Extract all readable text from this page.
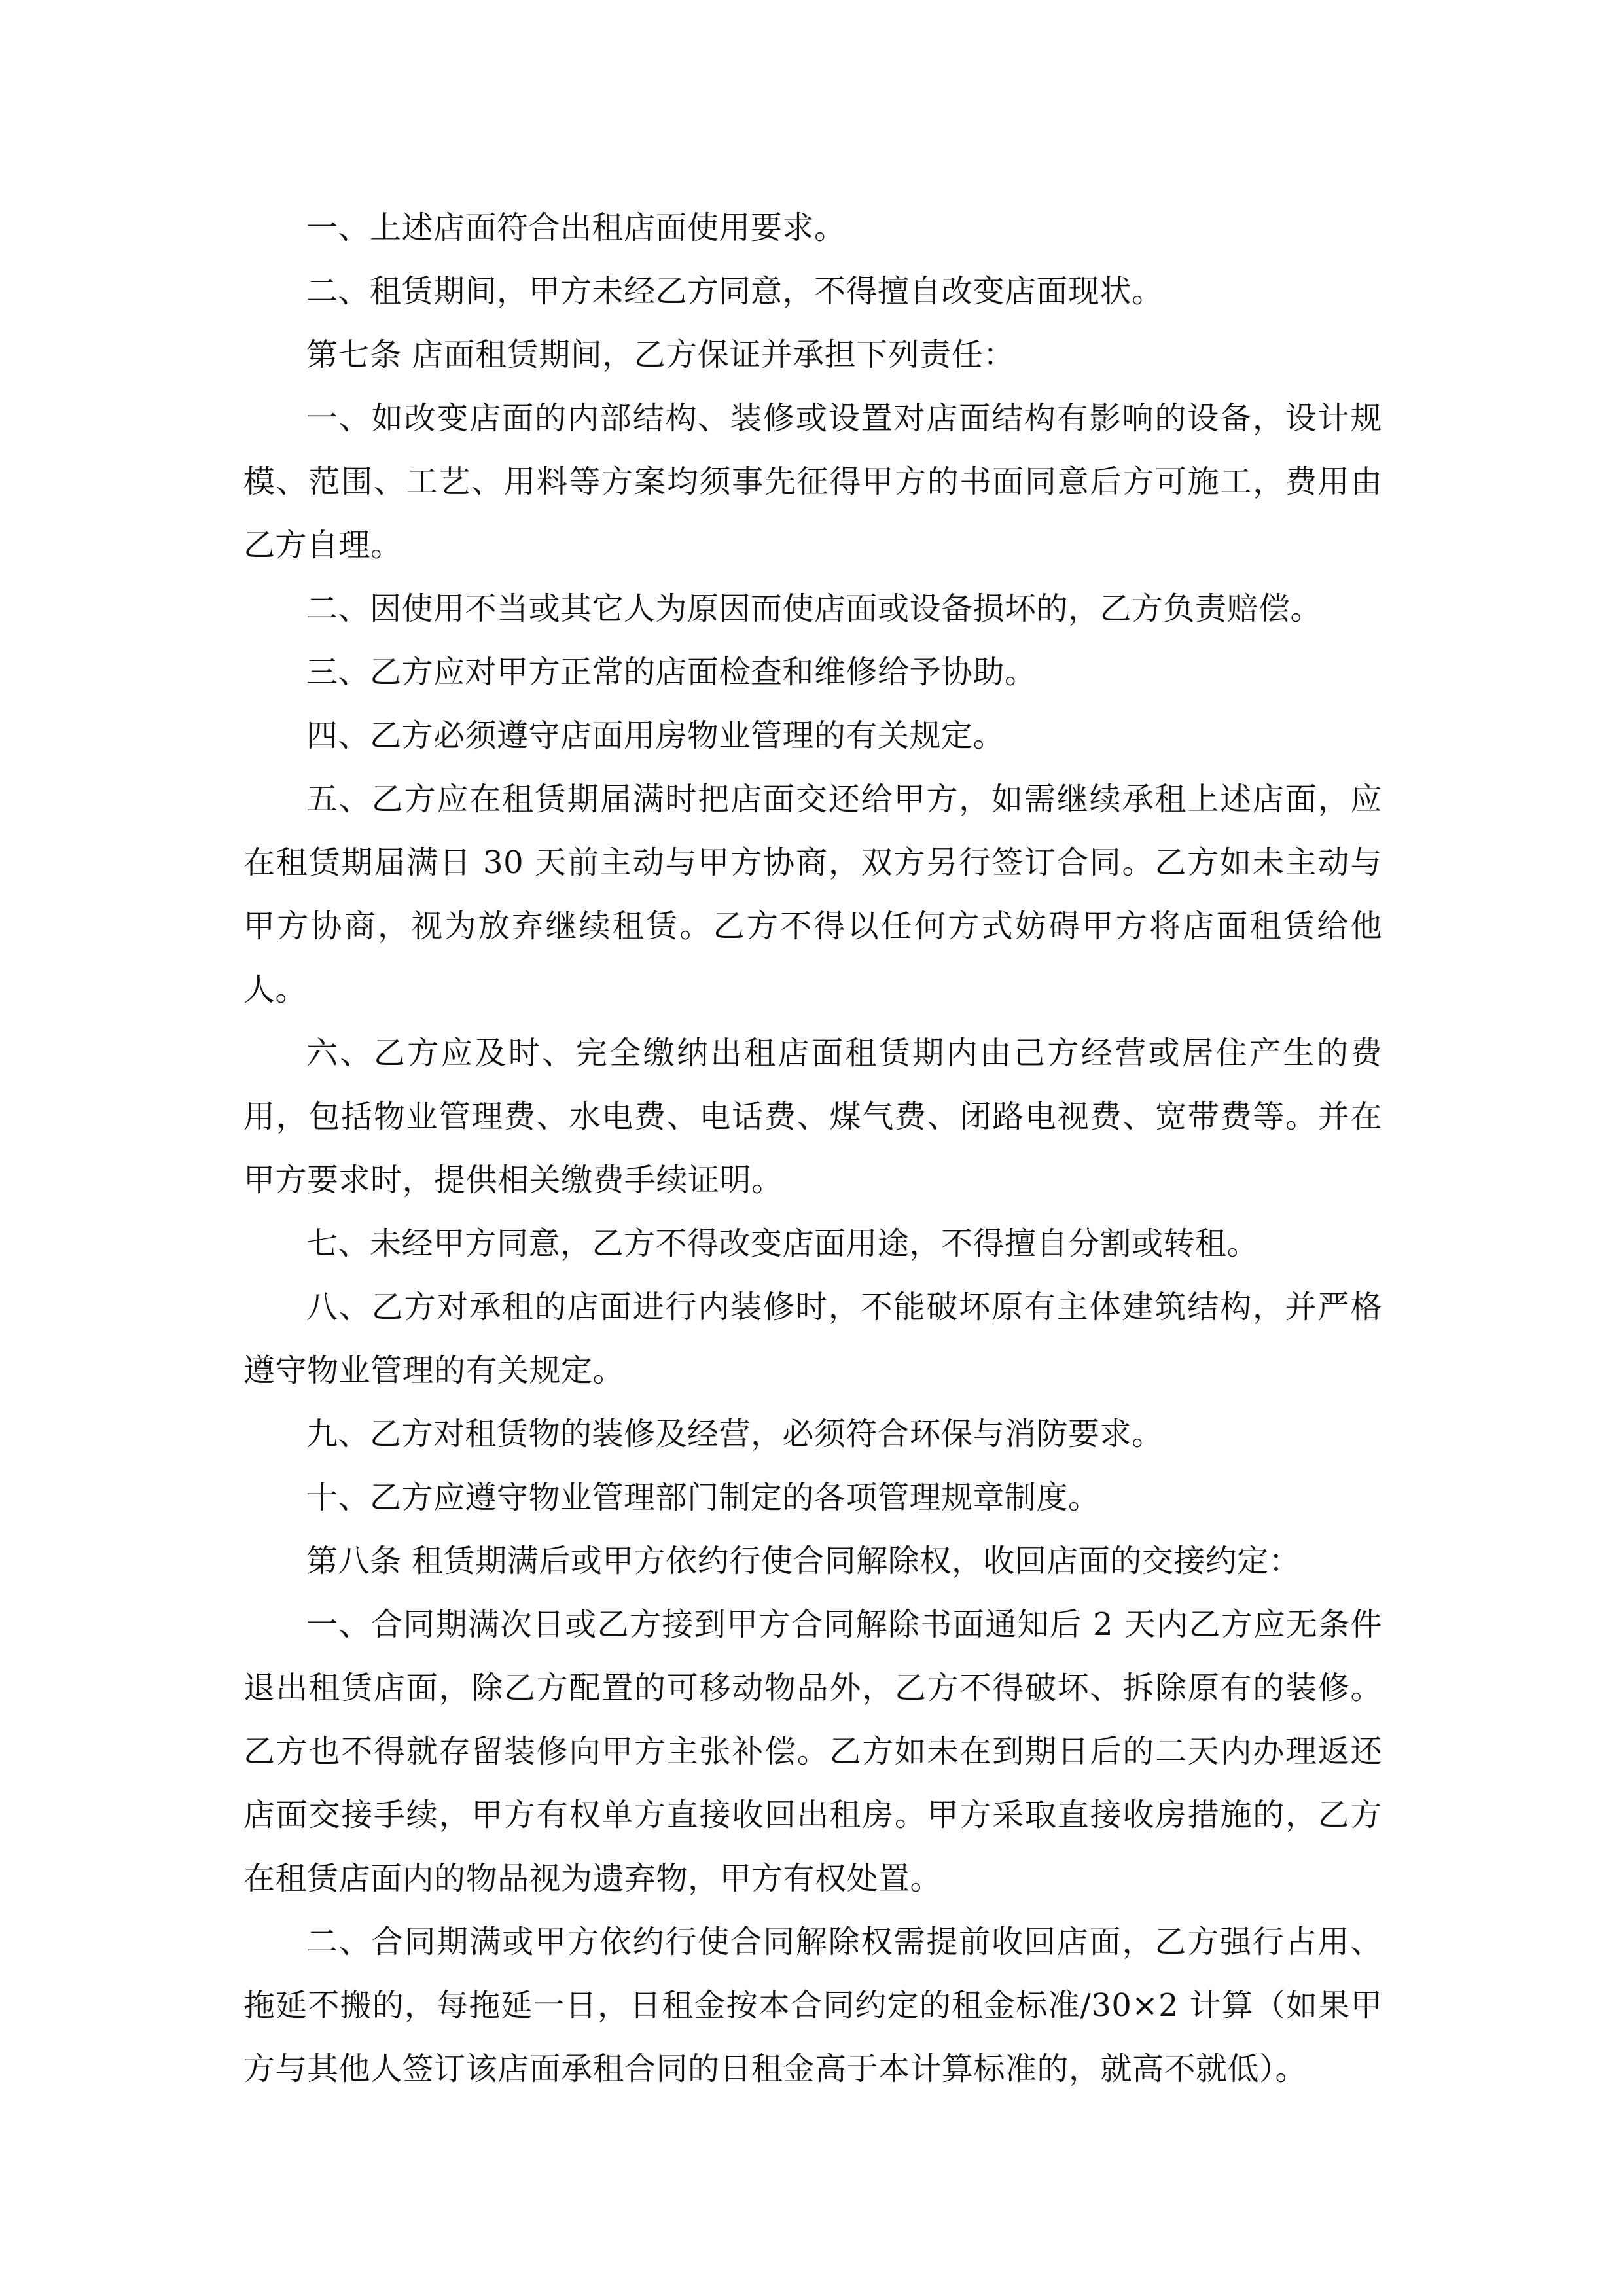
一、上述店面符合出租店面使用要求。

二、租赁期间，甲方未经乙方同意，不得擅自改变店面现状。

第七条 店面租赁期间，乙方保证并承担下列责任：

一、如改变店面的内部结构、装修或设置对店面结构有影响的设备，设计规模、范围、工艺、用料等方案均须事先征得甲方的书面同意后方可施工，费用由乙方自理。

二、因使用不当或其它人为原因而使店面或设备损坏的，乙方负责赔偿。

三、乙方应对甲方正常的店面检查和维修给予协助。

四、乙方必须遵守店面用房物业管理的有关规定。

五、乙方应在租赁期届满时把店面交还给甲方，如需继续承租上述店面，应在租赁期届满日 30 天前主动与甲方协商，双方另行签订合同。乙方如未主动与甲方协商，视为放弃继续租赁。乙方不得以任何方式妨碍甲方将店面租赁给他人。

六、乙方应及时、完全缴纳出租店面租赁期内由己方经营或居住产生的费用，包括物业管理费、水电费、电话费、煤气费、闭路电视费、宽带费等。并在甲方要求时，提供相关缴费手续证明。

七、未经甲方同意，乙方不得改变店面用途，不得擅自分割或转租。

八、乙方对承租的店面进行内装修时，不能破坏原有主体建筑结构，并严格遵守物业管理的有关规定。

九、乙方对租赁物的装修及经营，必须符合环保与消防要求。

十、乙方应遵守物业管理部门制定的各项管理规章制度。

第八条 租赁期满后或甲方依约行使合同解除权，收回店面的交接约定：

一、合同期满次日或乙方接到甲方合同解除书面通知后 2 天内乙方应无条件退出租赁店面，除乙方配置的可移动物品外，乙方不得破坏、拆除原有的装修。乙方也不得就存留装修向甲方主张补偿。乙方如未在到期日后的二天内办理返还店面交接手续，甲方有权单方直接收回出租房。甲方采取直接收房措施的，乙方在租赁店面内的物品视为遗弃物，甲方有权处置。

二、合同期满或甲方依约行使合同解除权需提前收回店面，乙方强行占用、拖延不搬的，每拖延一日，日租金按本合同约定的租金标准/30×2 计算（如果甲方与其他人签订该店面承租合同的日租金高于本计算标准的，就高不就低）。
